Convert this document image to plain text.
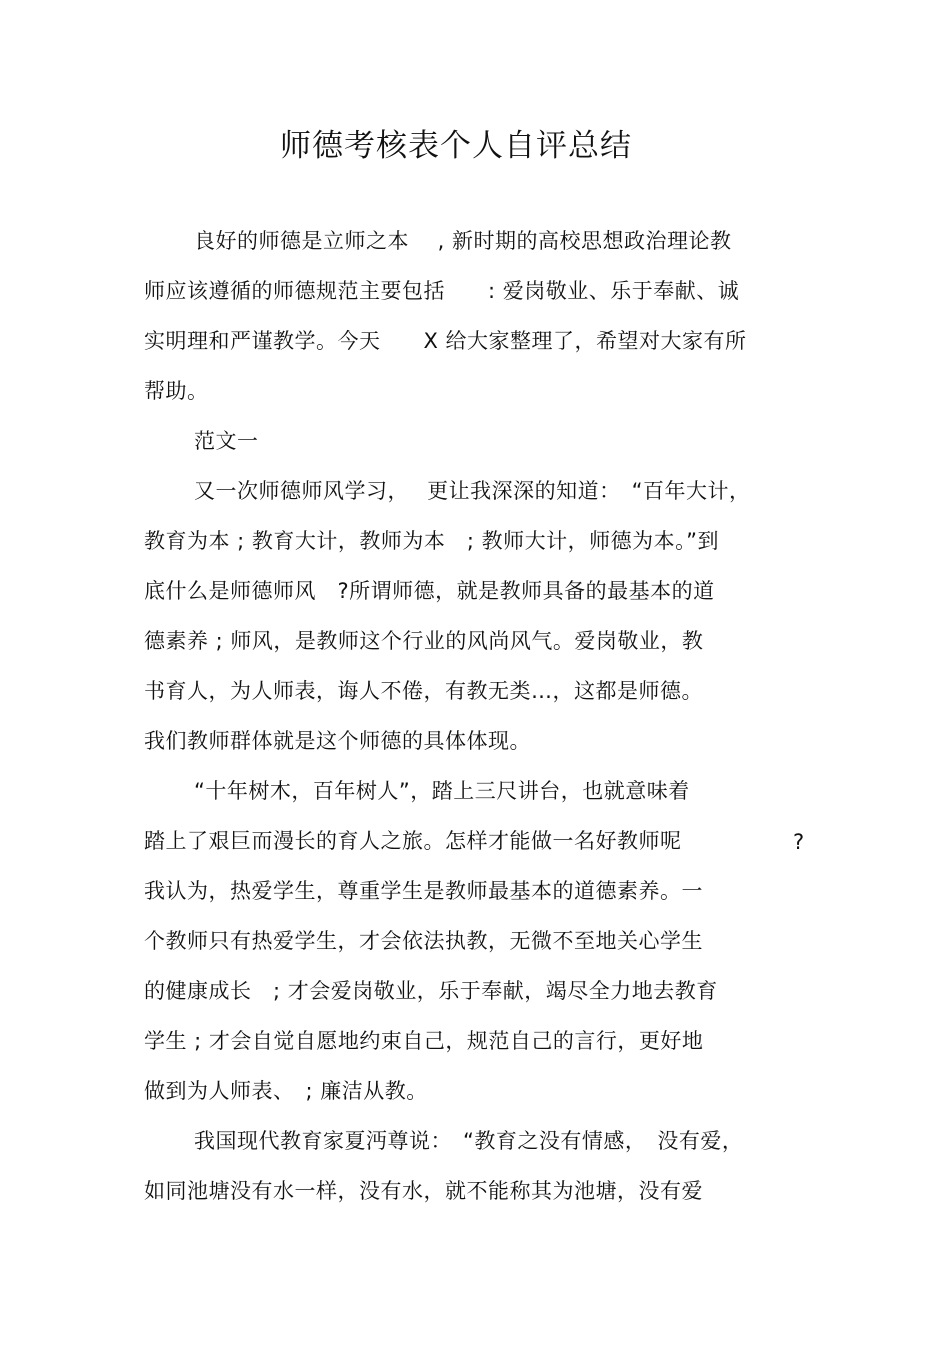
师德考核表个人自评总结
良好的师德是立师之本　 , 新时期的高校思想政治理论教
师应该遵循的师德规范主要包括　　: 爱岗敬业、乐于奉献、诚
实明理和严谨教学。今天　　X 给大家整理了，希望对大家有所
帮助。
范文一
又一次师德师风学习，　 更让我深深的知道：　“百年大计，
教育为本 ; 教育大计，教师为本　; 教师大计，师德为本。”到
底什么是师德师风　?所谓师德，就是教师具备的最基本的道
德素养 ; 师风，是教师这个行业的风尚风气。爱岗敬业，教
书育人，为人师表，诲人不倦，有教无类…，这都是师德。
我们教师群体就是这个师德的具体体现。
“十年树木，百年树人”，踏上三尺讲台，也就意味着
踏上了艰巨而漫长的育人之旅。怎样才能做一名好教师呢	?
我认为，热爱学生，尊重学生是教师最基本的道德素养。一
个教师只有热爱学生，才会依法执教，无微不至地关心学生
的健康成长　; 才会爱岗敬业，乐于奉献，竭尽全力地去教育
学生 ; 才会自觉自愿地约束自己，规范自己的言行，更好地
做到为人师表、　; 廉洁从教。
我国现代教育家夏沔尊说：　“教育之没有情感，　没有爱，
如同池塘没有水一样，没有水，就不能称其为池塘，没有爱
